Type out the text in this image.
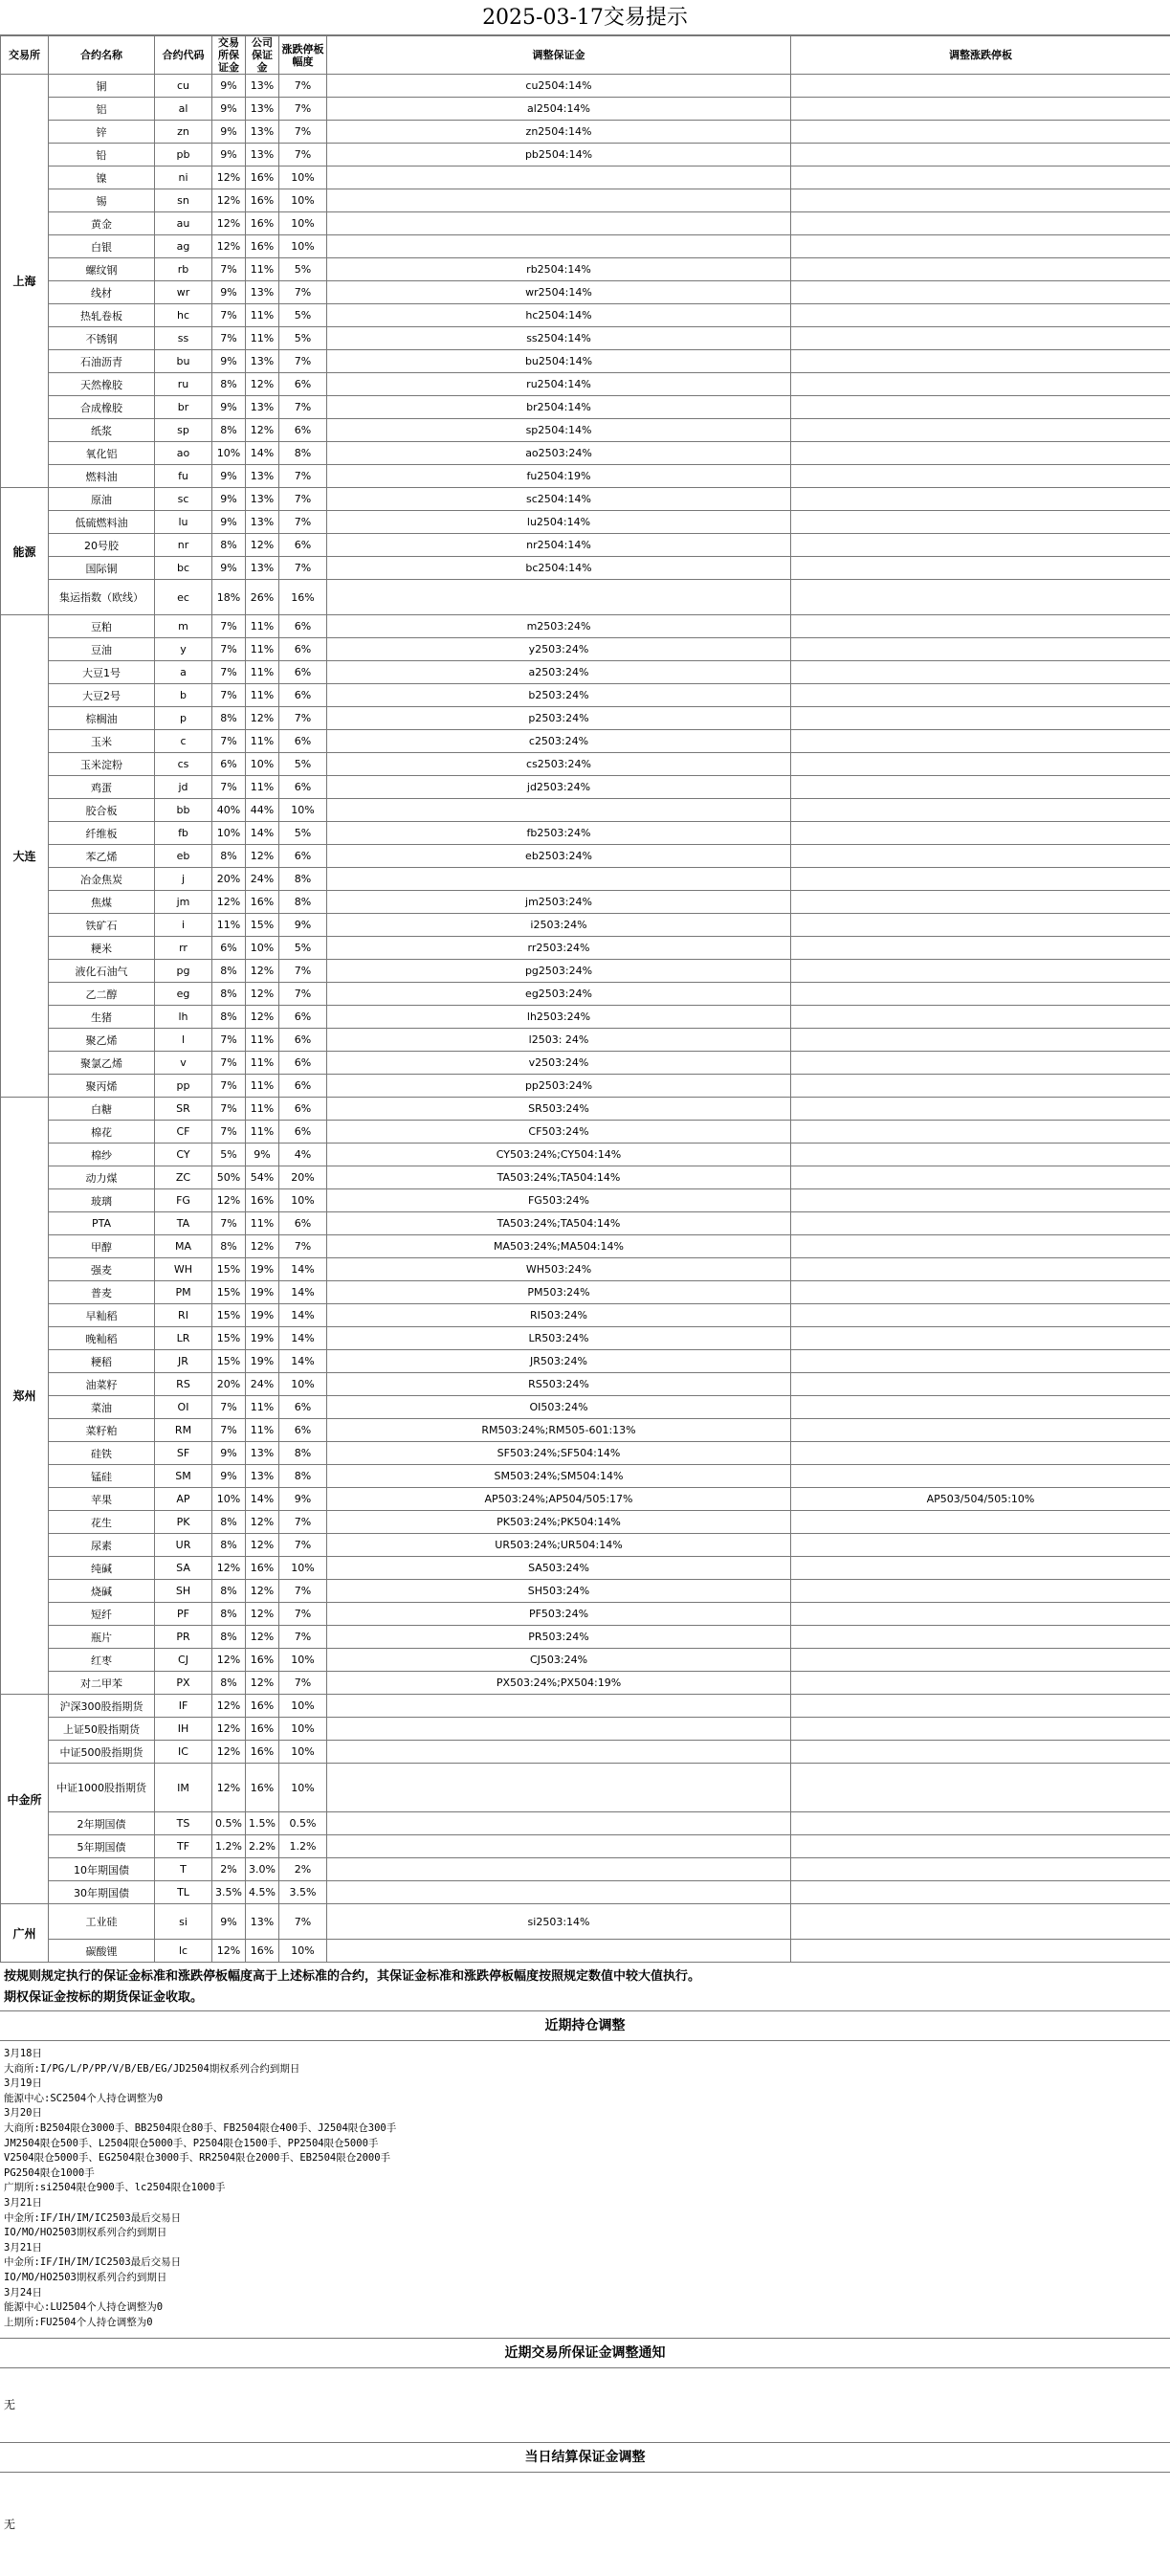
2025-03-17交易提示
交易所	合约名称	合约代码	交易所保证金	公司保证金	涨跌停板幅度	调整保证金	调整涨跌停板
上海	铜	cu	9%	13%	7%	cu2504:14%	
	铝	al	9%	13%	7%	al2504:14%	
	锌	zn	9%	13%	7%	zn2504:14%	
	铅	pb	9%	13%	7%	pb2504:14%	
	镍	ni	12%	16%	10%		
	锡	sn	12%	16%	10%		
	黄金	au	12%	16%	10%		
	白银	ag	12%	16%	10%		
	螺纹钢	rb	7%	11%	5%	rb2504:14%	
	线材	wr	9%	13%	7%	wr2504:14%	
	热轧卷板	hc	7%	11%	5%	hc2504:14%	
	不锈钢	ss	7%	11%	5%	ss2504:14%	
	石油沥青	bu	9%	13%	7%	bu2504:14%	
	天然橡胶	ru	8%	12%	6%	ru2504:14%	
	合成橡胶	br	9%	13%	7%	br2504:14%	
	纸浆	sp	8%	12%	6%	sp2504:14%	
	氧化铝	ao	10%	14%	8%	ao2503:24%	
	燃料油	fu	9%	13%	7%	fu2504:19%	
能源	原油	sc	9%	13%	7%	sc2504:14%	
	低硫燃料油	lu	9%	13%	7%	lu2504:14%	
	20号胶	nr	8%	12%	6%	nr2504:14%	
	国际铜	bc	9%	13%	7%	bc2504:14%	
	集运指数（欧线）	ec	18%	26%	16%		
大连	豆粕	m	7%	11%	6%	m2503:24%	
	豆油	y	7%	11%	6%	y2503:24%	
	大豆1号	a	7%	11%	6%	a2503:24%	
	大豆2号	b	7%	11%	6%	b2503:24%	
	棕榈油	p	8%	12%	7%	p2503:24%	
	玉米	c	7%	11%	6%	c2503:24%	
	玉米淀粉	cs	6%	10%	5%	cs2503:24%	
	鸡蛋	jd	7%	11%	6%	jd2503:24%	
	胶合板	bb	40%	44%	10%		
	纤维板	fb	10%	14%	5%	fb2503:24%	
	苯乙烯	eb	8%	12%	6%	eb2503:24%	
	冶金焦炭	j	20%	24%	8%		
	焦煤	jm	12%	16%	8%	jm2503:24%	
	铁矿石	i	11%	15%	9%	i2503:24%	
	粳米	rr	6%	10%	5%	rr2503:24%	
	液化石油气	pg	8%	12%	7%	pg2503:24%	
	乙二醇	eg	8%	12%	7%	eg2503:24%	
	生猪	lh	8%	12%	6%	lh2503:24%	
	聚乙烯	l	7%	11%	6%	l2503: 24%	
	聚氯乙烯	v	7%	11%	6%	v2503:24%	
	聚丙烯	pp	7%	11%	6%	pp2503:24%	
郑州	白糖	SR	7%	11%	6%	SR503:24%	
	棉花	CF	7%	11%	6%	CF503:24%	
	棉纱	CY	5%	9%	4%	CY503:24%;CY504:14%	
	动力煤	ZC	50%	54%	20%	TA503:24%;TA504:14%	
	玻璃	FG	12%	16%	10%	FG503:24%	
	PTA	TA	7%	11%	6%	TA503:24%;TA504:14%	
	甲醇	MA	8%	12%	7%	MA503:24%;MA504:14%	
	强麦	WH	15%	19%	14%	WH503:24%	
	普麦	PM	15%	19%	14%	PM503:24%	
	早籼稻	RI	15%	19%	14%	RI503:24%	
	晚籼稻	LR	15%	19%	14%	LR503:24%	
	粳稻	JR	15%	19%	14%	JR503:24%	
	油菜籽	RS	20%	24%	10%	RS503:24%	
	菜油	OI	7%	11%	6%	OI503:24%	
	菜籽粕	RM	7%	11%	6%	RM503:24%;RM505-601:13%	
	硅铁	SF	9%	13%	8%	SF503:24%;SF504:14%	
	锰硅	SM	9%	13%	8%	SM503:24%;SM504:14%	
	苹果	AP	10%	14%	9%	AP503:24%;AP504/505:17%	AP503/504/505:10%
	花生	PK	8%	12%	7%	PK503:24%;PK504:14%	
	尿素	UR	8%	12%	7%	UR503:24%;UR504:14%	
	纯碱	SA	12%	16%	10%	SA503:24%	
	烧碱	SH	8%	12%	7%	SH503:24%	
	短纤	PF	8%	12%	7%	PF503:24%	
	瓶片	PR	8%	12%	7%	PR503:24%	
	红枣	CJ	12%	16%	10%	CJ503:24%	
	对二甲苯	PX	8%	12%	7%	PX503:24%;PX504:19%	
中金所	沪深300股指期货	IF	12%	16%	10%		
	上证50股指期货	IH	12%	16%	10%		
	中证500股指期货	IC	12%	16%	10%		
	中证1000股指期货	IM	12%	16%	10%		
	2年期国债	TS	0.5%	1.5%	0.5%		
	5年期国债	TF	1.2%	2.2%	1.2%		
	10年期国债	T	2%	3.0%	2%		
	30年期国债	TL	3.5%	4.5%	3.5%		
广州	工业硅	si	9%	13%	7%	si2503:14%	
	碳酸锂	lc	12%	16%	10%		
按规则规定执行的保证金标准和涨跌停板幅度高于上述标准的合约，其保证金标准和涨跌停板幅度按照规定数值中较大值执行。
期权保证金按标的期货保证金收取。
近期持仓调整
3月18日
大商所:I/PG/L/P/PP/V/B/EB/EG/JD2504期权系列合约到期日
3月19日
能源中心:SC2504个人持仓调整为0
3月20日
大商所:B2504限仓3000手、BB2504限仓80手、FB2504限仓400手、J2504限仓300手
JM2504限仓500手、L2504限仓5000手、P2504限仓1500手、PP2504限仓5000手
V2504限仓5000手、EG2504限仓3000手、RR2504限仓2000手、EB2504限仓2000手
PG2504限仓1000手
广期所:si2504限仓900手、lc2504限仓1000手
3月21日
中金所:IF/IH/IM/IC2503最后交易日
IO/MO/HO2503期权系列合约到期日
3月21日
中金所:IF/IH/IM/IC2503最后交易日
IO/MO/HO2503期权系列合约到期日
3月24日
能源中心:LU2504个人持仓调整为0
上期所:FU2504个人持仓调整为0
近期交易所保证金调整通知
无
当日结算保证金调整
无
